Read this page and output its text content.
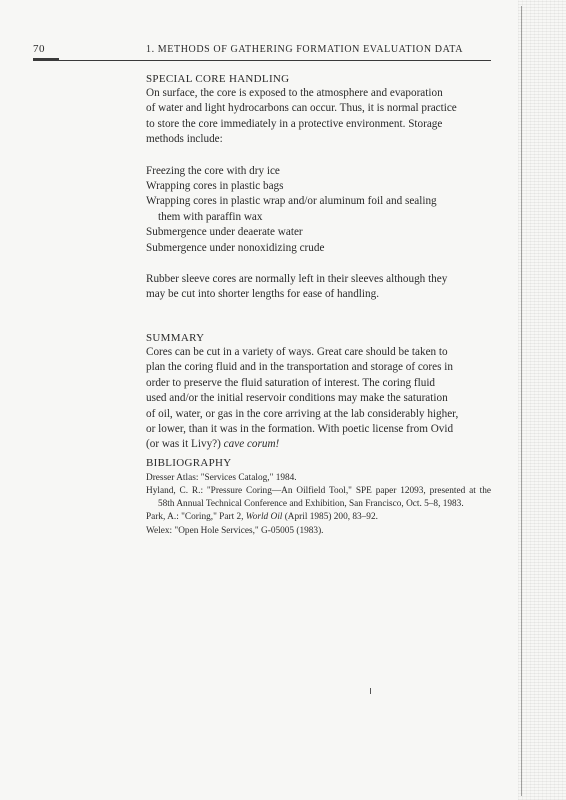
70	1. METHODS OF GATHERING FORMATION EVALUATION DATA
SPECIAL CORE HANDLING

On surface, the core is exposed to the atmosphere and evaporation
of water and light hydrocarbons can occur. Thus, it is normal practice
to store the core immediately in a protective environment. Storage
methods include:

Freezing the core with dry ice
Wrapping cores in plastic bags
Wrapping cores in plastic wrap and/or aluminum foil and sealing
them with paraffin wax
Submergence under deaerate water
Submergence under nonoxidizing crude

Rubber sleeve cores are normally left in their sleeves although they
may be cut into shorter lengths for ease of handling.

SUMMARY

Cores can be cut in a variety of ways. Great care should be taken to
plan the coring fluid and in the transportation and storage of cores in
order to preserve the fluid saturation of interest. The coring fluid
used and/or the initial reservoir conditions may make the saturation
of oil, water, or gas in the core arriving at the lab considerably higher,
or lower, than it was in the formation. With poetic license from Ovid
(or was it Livy?) cave corum!

BIBLIOGRAPHY
Dresser Atlas: "Services Catalog," 1984.
Hyland, C. R.: "Pressure Coring—An Oilfield Tool," SPE paper 12093, presented at the 58th Annual Technical Conference and Exhibition, San Francisco, Oct. 5–8, 1983.
Park, A.: "Coring," Part 2, World Oil (April 1985) 200, 83–92.
Welex: "Open Hole Services," G-05005 (1983).
